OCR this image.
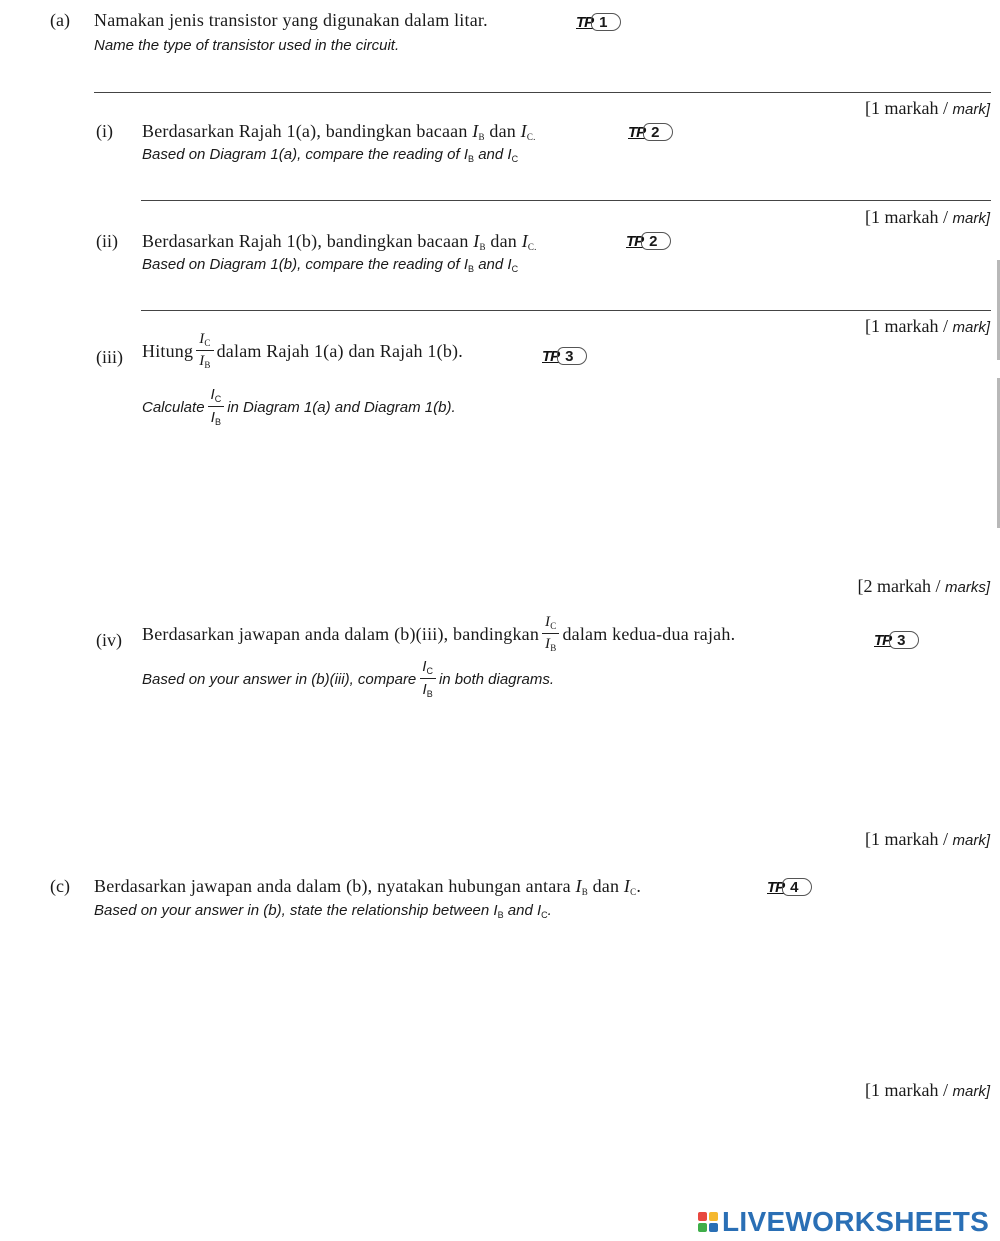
(a) Namakan jenis transistor yang digunakan dalam litar.
Name the type of transistor used in the circuit.
TP 1
[1 markah / mark]
(i) Berdasarkan Rajah 1(a), bandingkan bacaan $I_B$ dan $I_{C.}$
Based on Diagram 1(a), compare the reading of $I_B$ and $I_C$
TP 2
[1 markah / mark]
(ii) Berdasarkan Rajah 1(b), bandingkan bacaan $I_B$ dan $I_{C.}$
Based on Diagram 1(b), compare the reading of $I_B$ and $I_C$
TP 2
[1 markah / mark]
(iii) Hitung $\frac{I_C}{I_B}$ dalam Rajah 1(a) dan Rajah 1(b).	TP 3
Calculate $\frac{I_C}{I_B}$ in Diagram 1(a) and Diagram 1(b).
[2 markah / marks]
(iv) Berdasarkan jawapan anda dalam (b)(iii), bandingkan $\frac{I_C}{I_B}$ dalam kedua-dua rajah.	TP 3
Based on your answer in (b)(iii), compare $\frac{I_C}{I_B}$ in both diagrams.
[1 markah / mark]
(c) Berdasarkan jawapan anda dalam (b), nyatakan hubungan antara $I_B$ dan $I_C$.
Based on your answer in (b), state the relationship between $I_B$ and $I_C$.
TP 4
[1 markah / mark]
LIVEWORKSHEETS
